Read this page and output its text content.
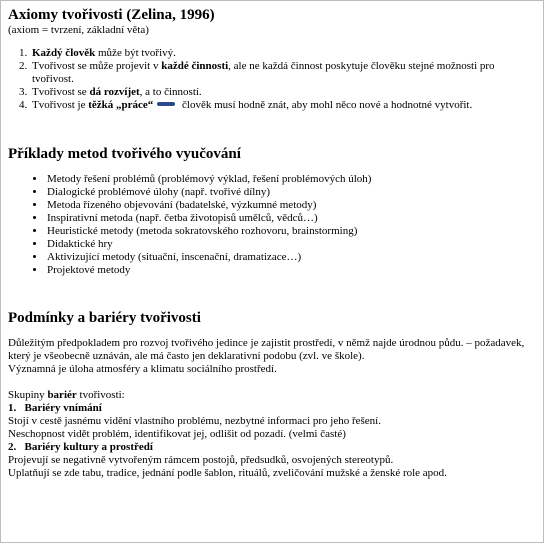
Axiomy tvořivosti (Zelina, 1996)
(axiom = tvrzení, základní věta)
1. Každý člověk může být tvořivý.
2. Tvořivost se může projevit v každé činnosti, ale ne každá činnost poskytuje člověku stejné možnosti pro tvořivost.
3. Tvořivost se dá rozvíjet, a to činností.
4. Tvořivost je těžká „práce“ člověk musí hodně znát, aby mohl něco nové a hodnotné vytvořit.
Příklady metod tvořivého vyučování
• Metody řešení problémů (problémový výklad, řešení problémových úloh)
• Dialogické problémové úlohy (např. tvořivé dílny)
• Metoda řízeného objevování (badatelské, výzkumné metody)
• Inspirativní metoda (např. četba životopisů umělců, vědců…)
• Heuristické metody (metoda sokratovského rozhovoru, brainstorming)
• Didaktické hry
• Aktivizující metody (situační, inscenační, dramatizace…)
• Projektové metody
Podmínky a bariéry tvořivosti

Důležitým předpokladem pro rozvoj tvořivého jedince je zajistit prostředí, v němž najde úrodnou půdu. – požadavek, který je všeobecně uznáván, ale má často jen deklarativní podobu (zvl. ve škole).

Významná je úloha atmosféry a klimatu sociálního prostředí.

Skupiny bariér tvořivosti:

1. Bariéry vnímání

Stojí v cestě jasnému vidění vlastního problému, nezbytné informaci pro jeho řešení.

Neschopnost vidět problém, identifikovat jej, odlišit od pozadí. (velmi časté)

2. Bariéry kultury a prostředí

Projevují se negativně vytvořeným rámcem postojů, předsudků, osvojených stereotypů.

Uplatňují se zde tabu, tradice, jednání podle šablon, rituálů, zveličování mužské a ženské role apod.
